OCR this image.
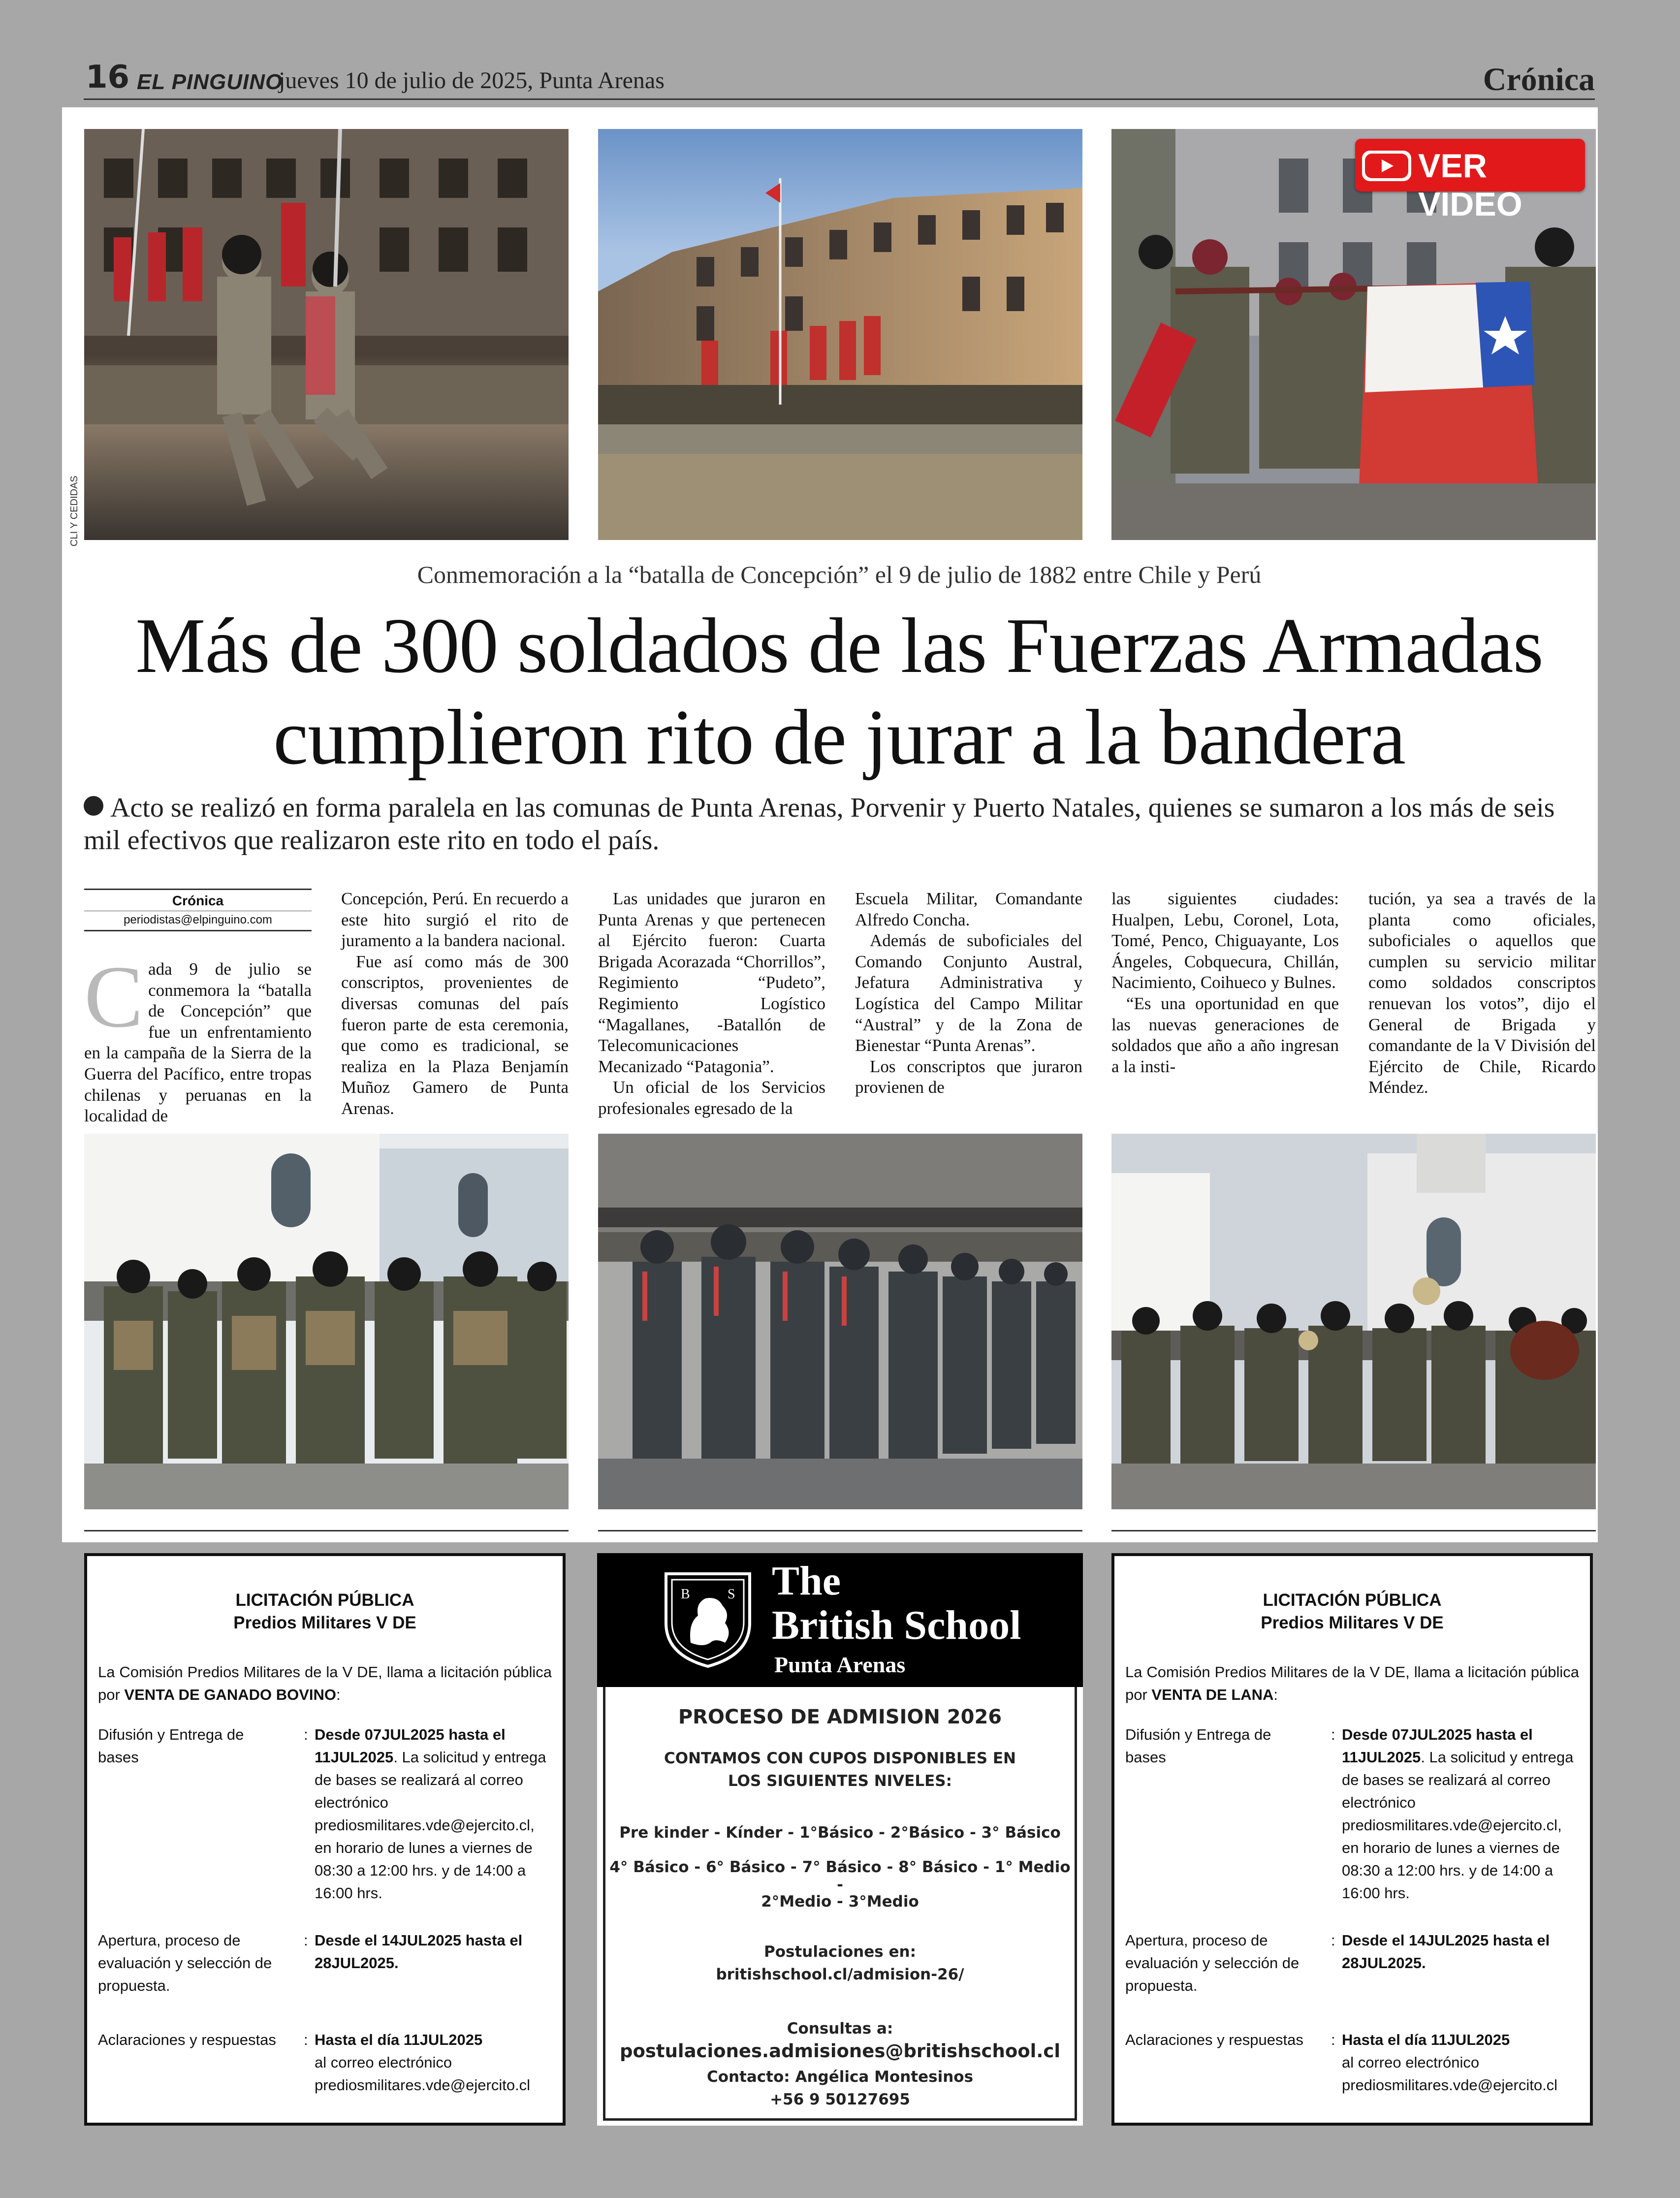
16 EL PINGUINO
jueves 10 de julio de 2025, Punta Arenas	Crónica
VER VIDEO
CLI Y CEDIDAS
Conmemoración a la “batalla de Concepción” el 9 de julio de 1882 entre Chile y Perú
Más de 300 soldados de las Fuerzas Armadas
cumplieron rito de jurar a la bandera
Acto se realizó en forma paralela en las comunas de Punta Arenas, Porvenir y Puerto Natales, quienes se sumaron a los más de seis mil efectivos que realizaron este rito en todo el país.
Crónica
periodistas@elpinguino.com
C ada 9 de julio se conmemora la “batalla de Concepción” que fue un enfrentamiento en la campaña de la Sierra de la Guerra del Pacífico, entre tropas chilenas y peruanas en la localidad de

Concepción, Perú. En recuerdo a este hito surgió el rito de juramento a la bandera nacional.

Fue así como más de 300 conscriptos, provenientes de diversas comunas del país fueron parte de esta ceremonia, que como es tradicional, se realiza en la Plaza Benjamín Muñoz Gamero de Punta Arenas.

Las unidades que juraron en Punta Arenas y que pertenecen al Ejército fueron: Cuarta Brigada Acorazada “Chorrillos”, Regimiento “Pudeto”, Regimiento Logístico “Magallanes, -Batallón de Telecomunicaciones Mecanizado “Patagonia”.

Un oficial de los Servicios profesionales egresado de la

Escuela Militar, Comandante Alfredo Concha.

Además de suboficiales del Comando Conjunto Austral, Jefatura Administrativa y Logística del Campo Militar “Austral” y de la Zona de Bienestar “Punta Arenas”.

Los conscriptos que juraron provienen de

las siguientes ciudades: Hualpen, Lebu, Coronel, Lota, Tomé, Penco, Chiguayante, Los Ángeles, Cobquecura, Chillán, Nacimiento, Coihueco y Bulnes.

“Es una oportunidad en que las nuevas generaciones de soldados que año a año ingresan a la insti-

tución, ya sea a través de la planta como oficiales, suboficiales o aquellos que cumplen su servicio militar como soldados conscriptos renuevan los votos”, dijo el General de Brigada y comandante de la V División del Ejército de Chile, Ricardo Méndez.

LICITACIÓN PÚBLICA
Predios Militares V DE
La Comisión Predios Militares de la V DE, llama a licitación pública por VENTA DE GANADO BOVINO:
Difusión y Entrega de bases
: Desde 07JUL2025 hasta el 11JUL2025. La solicitud y entrega de bases se realizará al correo electrónico prediosmilitares.vde@ejercito.cl, en horario de lunes a viernes de 08:30 a 12:00 hrs. y de 14:00 a 16:00 hrs.
Apertura, proceso de evaluación y selección de propuesta.
: Desde el 14JUL2025 hasta el 28JUL2025.
Aclaraciones y respuestas	: Hasta el día 11JUL2025
al correo electrónico prediosmilitares.vde@ejercito.cl
B	S The
British School
Punta Arenas
PROCESO DE ADMISION 2026
CONTAMOS CON CUPOS DISPONIBLES EN LOS SIGUIENTES NIVELES:
Pre kinder - Kínder - 1°Básico - 2°Básico - 3° Básico
4° Básico - 6° Básico - 7° Básico - 8° Básico - 1° Medio -
2°Medio - 3°Medio
Postulaciones en:
britishschool.cl/admision-26/
Consultas a:
postulaciones.admisiones@britishschool.cl
Contacto: Angélica Montesinos
+56 9 50127695
LICITACIÓN PÚBLICA
Predios Militares V DE
La Comisión Predios Militares de la V DE, llama a licitación pública por VENTA DE LANA:
Difusión y Entrega de bases
: Desde 07JUL2025 hasta el 11JUL2025. La solicitud y entrega de bases se realizará al correo electrónico prediosmilitares.vde@ejercito.cl, en horario de lunes a viernes de 08:30 a 12:00 hrs. y de 14:00 a 16:00 hrs.
Apertura, proceso de evaluación y selección de propuesta.
: Desde el 14JUL2025 hasta el 28JUL2025.
Aclaraciones y respuestas	: Hasta el día 11JUL2025
al correo electrónico prediosmilitares.vde@ejercito.cl
